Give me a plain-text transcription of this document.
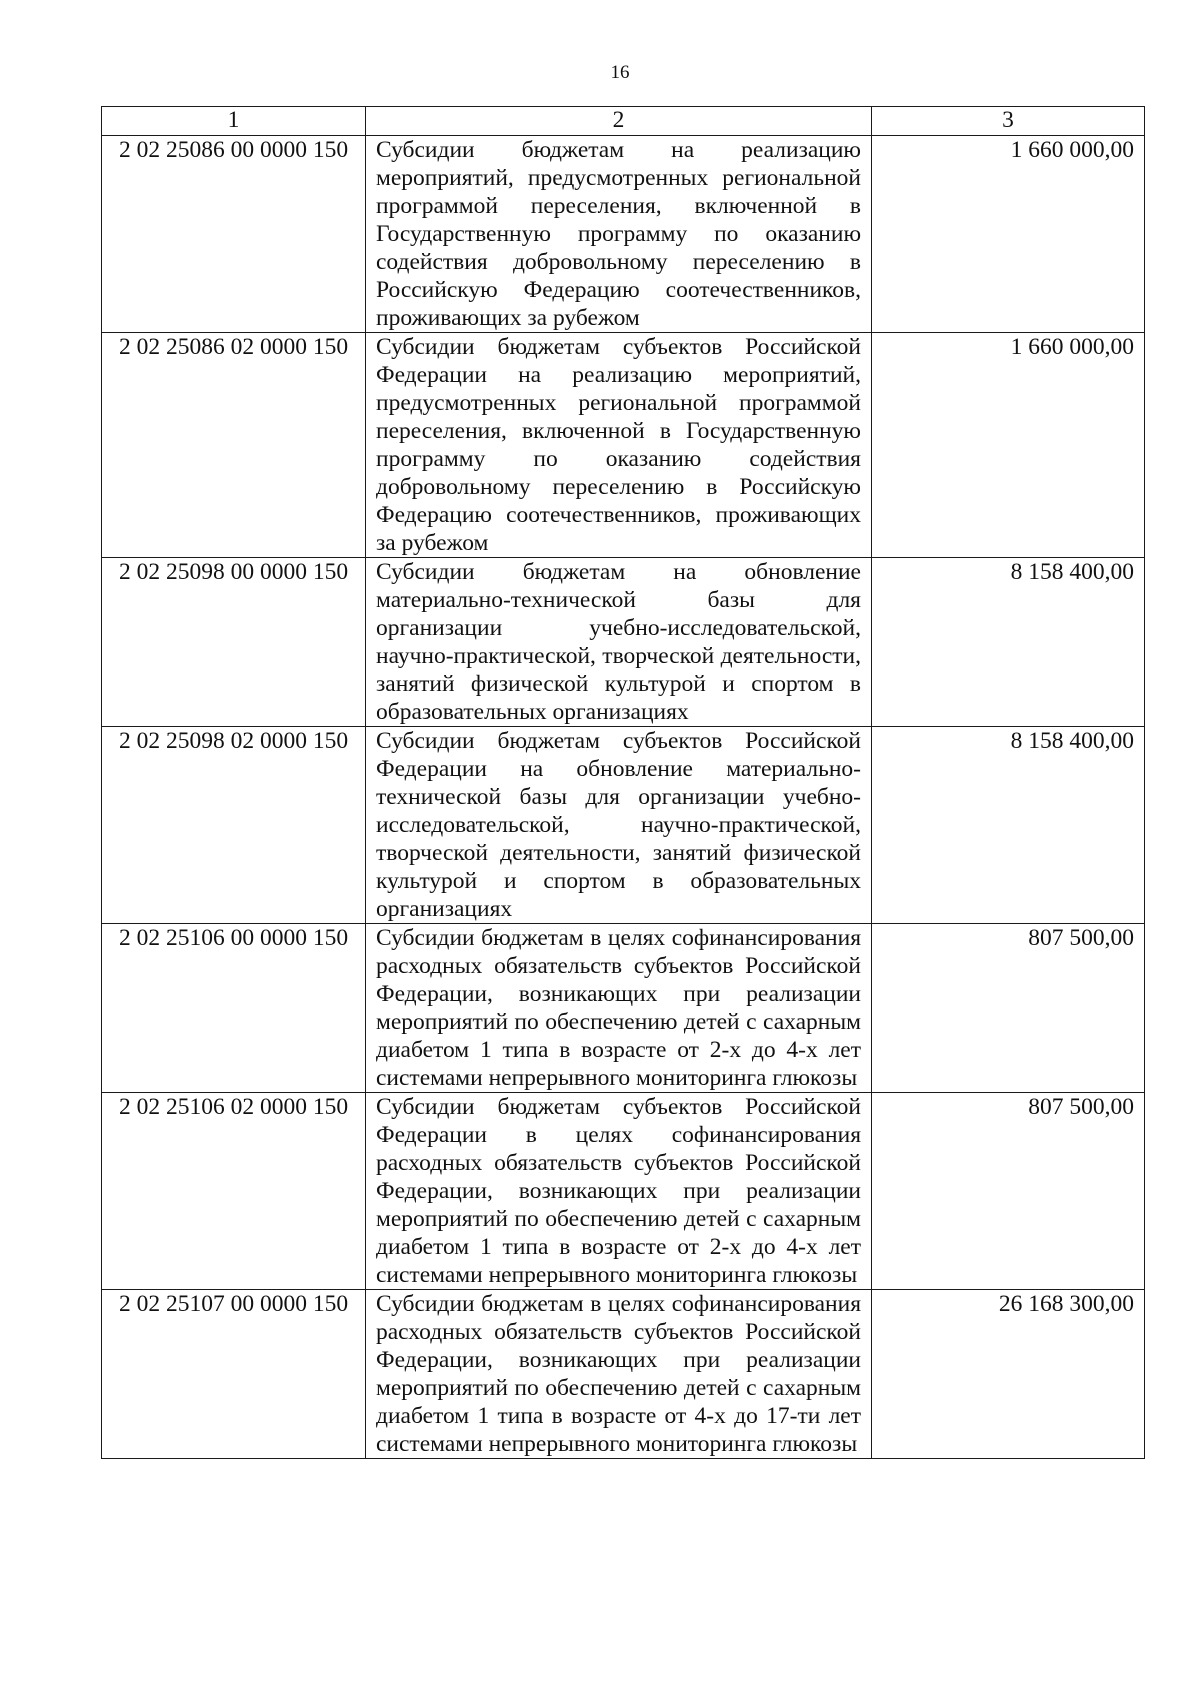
16
1	2	3
2 02 25086 00 0000 150	Субсидии бюджетам на реализацию мероприятий, предусмотренных региональной программой переселения, включенной в Государственную программу по оказанию содействия добровольному переселению в Российскую Федерацию соотечественников, проживающих за рубежом	1 660 000,00
2 02 25086 02 0000 150	Субсидии бюджетам субъектов Российской Федерации на реализацию мероприятий, предусмотренных региональной программой переселения, включенной в Государственную программу по оказанию содействия добровольному переселению в Российскую Федерацию соотечественников, проживающих за рубежом	1 660 000,00
2 02 25098 00 0000 150	Субсидии бюджетам на обновление материально-технической базы для организации учебно-исследовательской, научно-практической, творческой деятельности, занятий физической культурой и спортом в образовательных организациях	8 158 400,00
2 02 25098 02 0000 150	Субсидии бюджетам субъектов Российской Федерации на обновление материально-технической базы для организации учебно-исследовательской, научно-практической, творческой деятельности, занятий физической культурой и спортом в образовательных организациях	8 158 400,00
2 02 25106 00 0000 150	Субсидии бюджетам в целях софинансирования расходных обязательств субъектов Российской Федерации, возникающих при реализации мероприятий по обеспечению детей с сахарным диабетом 1 типа в возрасте от 2-х до 4-х лет системами непрерывного мониторинга глюкозы	807 500,00
2 02 25106 02 0000 150	Субсидии бюджетам субъектов Российской Федерации в целях софинансирования расходных обязательств субъектов Российской Федерации, возникающих при реализации мероприятий по обеспечению детей с сахарным диабетом 1 типа в возрасте от 2-х до 4-х лет системами непрерывного мониторинга глюкозы	807 500,00
2 02 25107 00 0000 150	Субсидии бюджетам в целях софинансирования расходных обязательств субъектов Российской Федерации, возникающих при реализации мероприятий по обеспечению детей с сахарным диабетом 1 типа в возрасте от 4-х до 17-ти лет системами непрерывного мониторинга глюкозы	26 168 300,00
